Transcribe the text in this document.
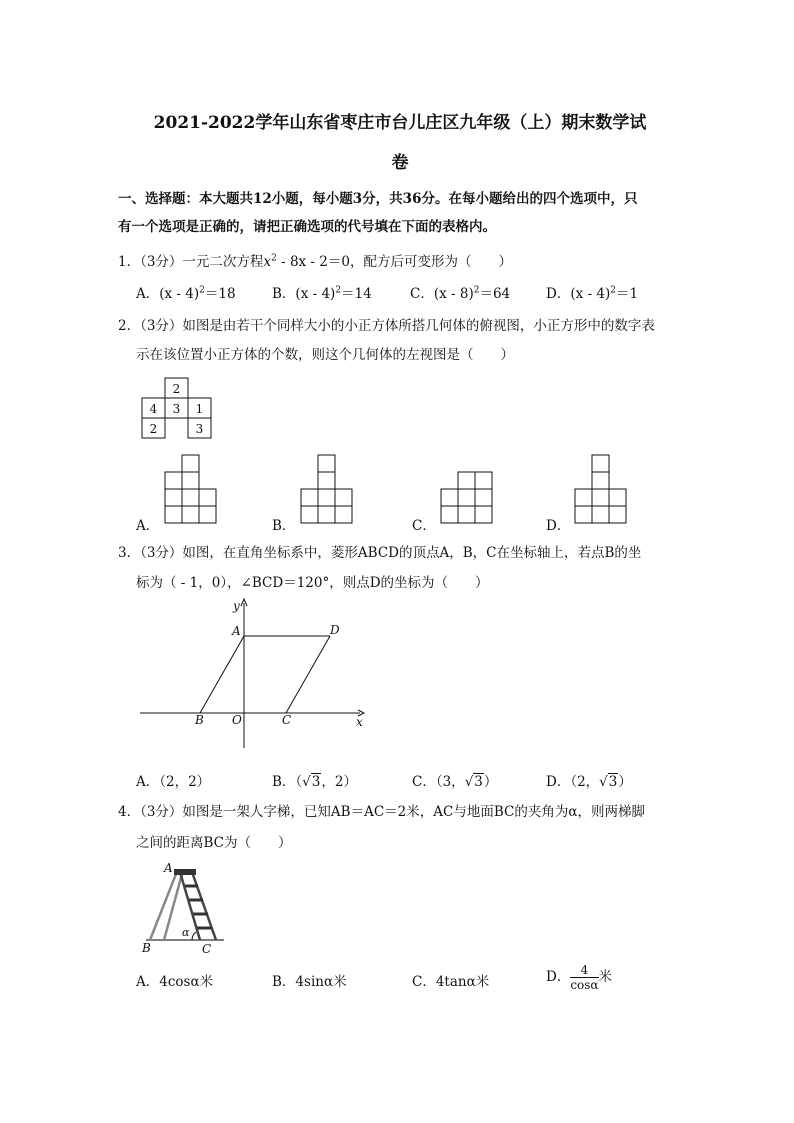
2021-2022学年山东省枣庄市台儿庄区九年级（上）期末数学试
卷
一、选择题：本大题共12小题，每小题3分，共36分。在每小题给出的四个选项中，只
有一个选项是正确的，请把正确选项的代号填在下面的表格内。
1．（3分）一元二次方程$x^2 - 8x - 2=0$，配方后可变形为（　　）
A．(x - 4)$^2$＝18	B．(x - 4)$^2$＝14	C．(x - 8)$^2$＝64	D．(x - 4)$^2$＝1
2．（3分）如图是由若干个同样大小的小正方体所搭几何体的俯视图，小正方形中的数字表
示在该位置小正方体的个数，则这个几何体的左视图是（　　）
2
4 3 1
2	3
A．	B．	C．	D．
3．（3分）如图，在直角坐标系中，菱形ABCD的顶点A，B，C在坐标轴上，若点B的坐
标为（ - 1，0），∠BCD＝120°，则点D的坐标为（　　）
y
x
A	D
B O	C
A．（2，2）	B．（√3，2）	C．（3，√3）	D．（2，√3）
4．（3分）如图是一架人字梯，已知AB＝AC＝2米，AC与地面BC的夹角为α，则两梯脚
之间的距离BC为（　　）
A
B	C
α
A．4cosα米	B．4sinα米	C．4tanα米	D． $\frac{4}{\cos\alpha}$ 米
